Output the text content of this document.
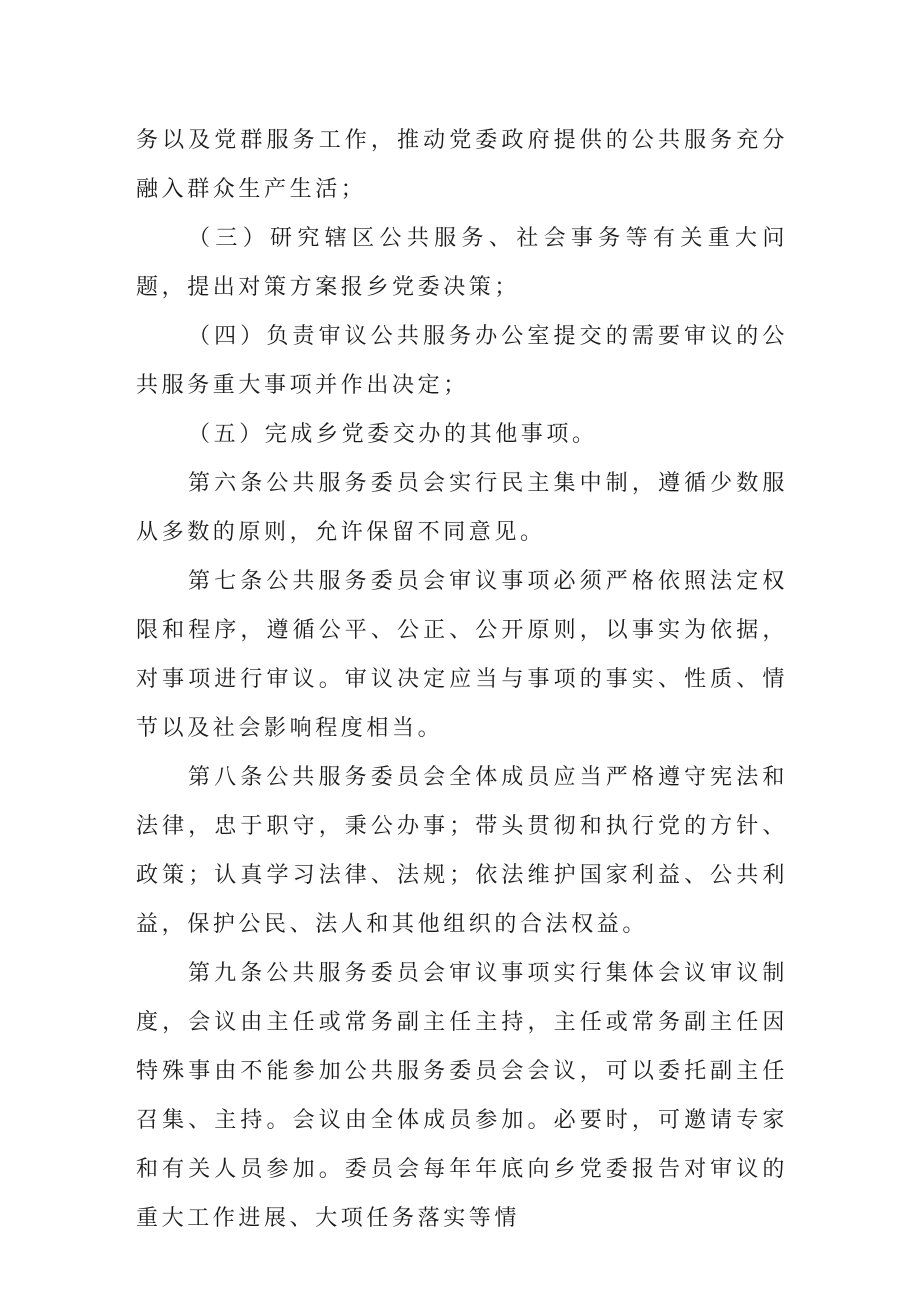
务以及党群服务工作，推动党委政府提供的公共服务充分融入群众生产生活；

（三）研究辖区公共服务、社会事务等有关重大问题，提出对策方案报乡党委决策；

（四）负责审议公共服务办公室提交的需要审议的公共服务重大事项并作出决定；

（五）完成乡党委交办的其他事项。

第六条公共服务委员会实行民主集中制，遵循少数服从多数的原则，允许保留不同意见。

第七条公共服务委员会审议事项必须严格依照法定权限和程序，遵循公平、公正、公开原则，以事实为依据，对事项进行审议。审议决定应当与事项的事实、性质、情节以及社会影响程度相当。

第八条公共服务委员会全体成员应当严格遵守宪法和法律，忠于职守，秉公办事；带头贯彻和执行党的方针、政策；认真学习法律、法规；依法维护国家利益、公共利益，保护公民、法人和其他组织的合法权益。

第九条公共服务委员会审议事项实行集体会议审议制度，会议由主任或常务副主任主持，主任或常务副主任因特殊事由不能参加公共服务委员会会议，可以委托副主任召集、主持。会议由全体成员参加。必要时，可邀请专家和有关人员参加。委员会每年年底向乡党委报告对审议的重大工作进展、大项任务落实等情
